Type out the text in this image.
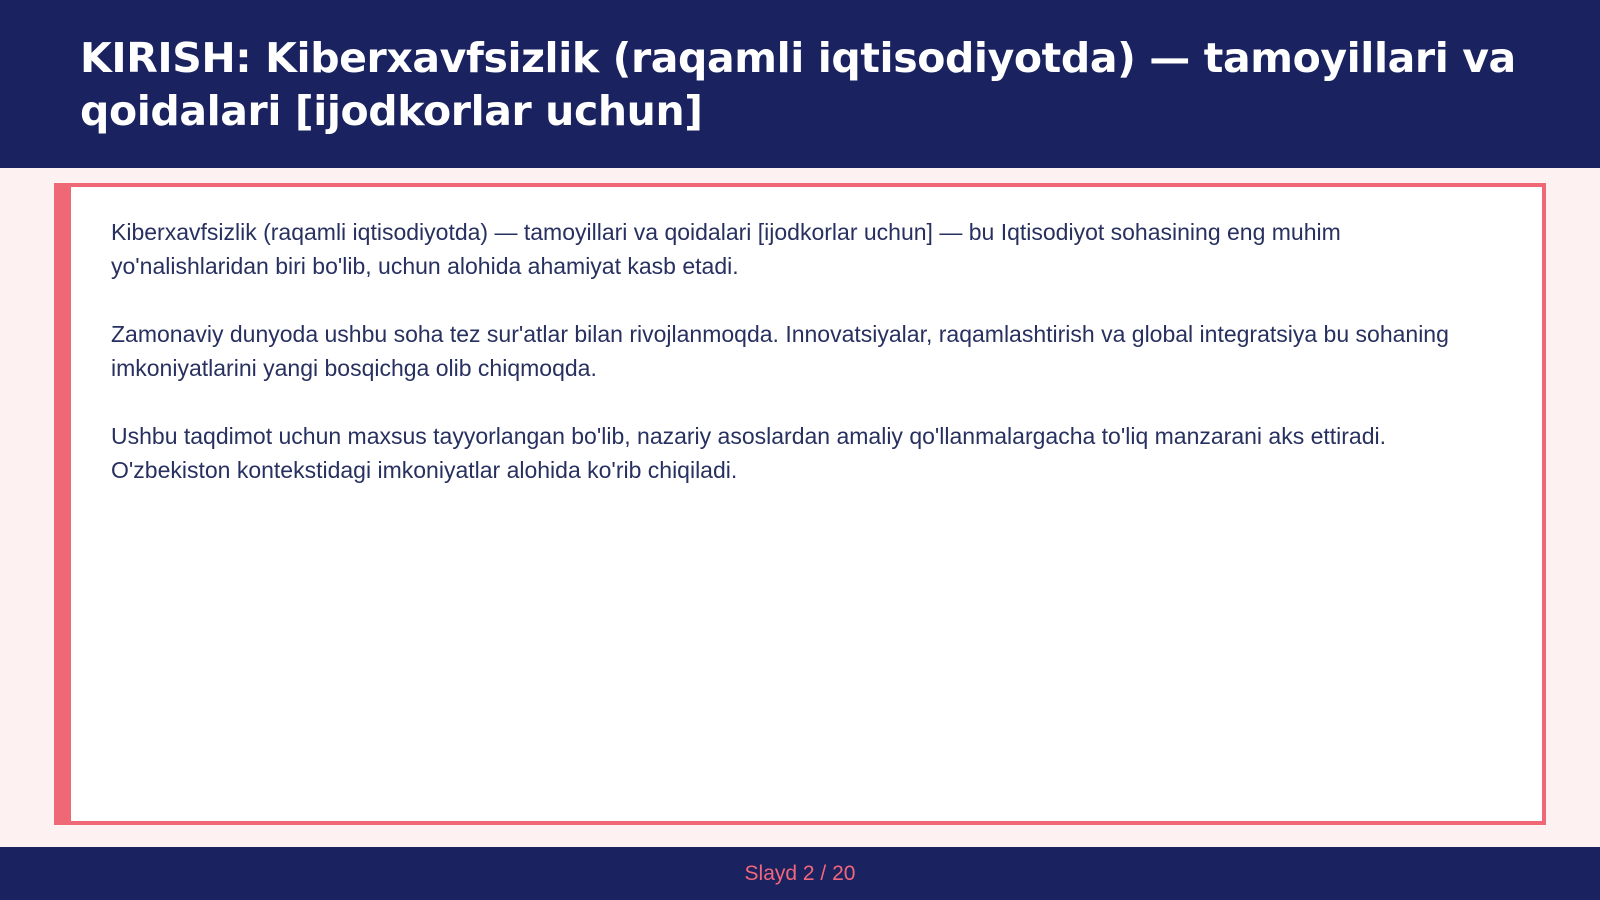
KIRISH: Kiberxavfsizlik (raqamli iqtisodiyotda) — tamoyillari va qoidalari [ijodkorlar uchun]

Kiberxavfsizlik (raqamli iqtisodiyotda) — tamoyillari va qoidalari [ijodkorlar uchun] — bu Iqtisodiyot sohasining eng muhim yo'nalishlaridan biri bo'lib, uchun alohida ahamiyat kasb etadi.

Zamonaviy dunyoda ushbu soha tez sur'atlar bilan rivojlanmoqda. Innovatsiyalar, raqamlashtirish va global integratsiya bu sohaning imkoniyatlarini yangi bosqichga olib chiqmoqda.

Ushbu taqdimot uchun maxsus tayyorlangan bo'lib, nazariy asoslardan amaliy qo'llanmalargacha to'liq manzarani aks ettiradi. O'zbekiston kontekstidagi imkoniyatlar alohida ko'rib chiqiladi.

Slayd 2 / 20
